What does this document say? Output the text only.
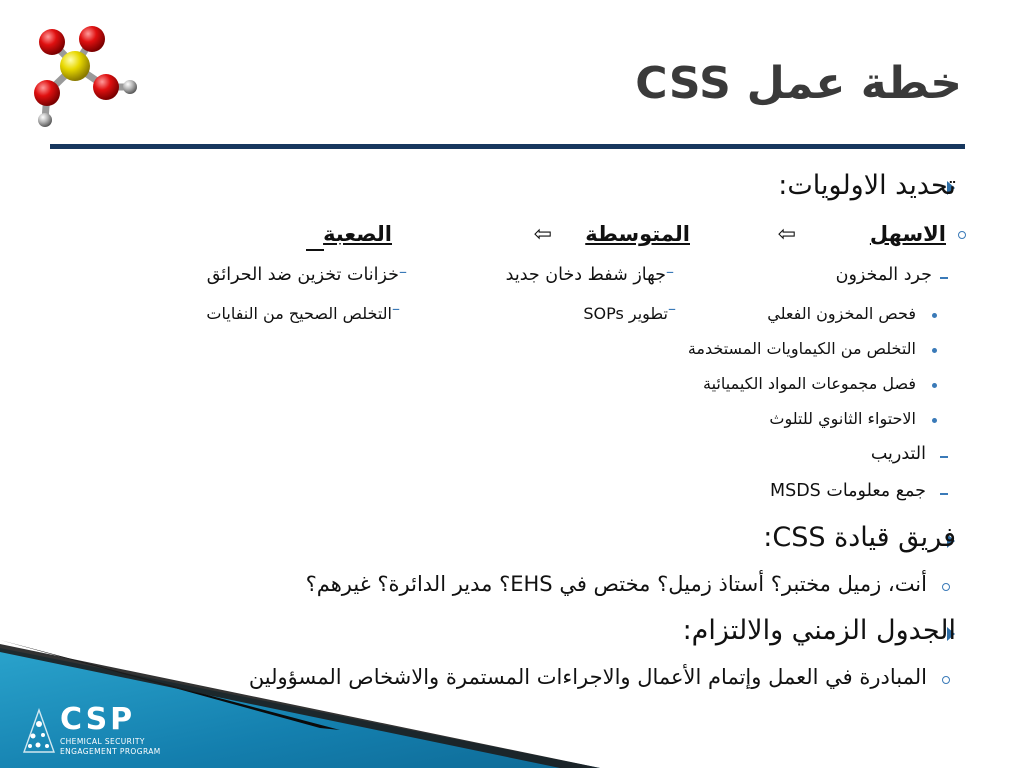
خطة عمل CSS
تحديد الاولويات:
الاسهل
⇦
المتوسطة
⇦
الصعبة
جرد المخزون
–
جهاز شفط دخان جديد
–
خزانات تخزين ضد الحرائق
فحص المخزون الفعلي
–
تطوير SOPs
–
التخلص الصحيح من النفايات
التخلص من الكيماويات المستخدمة
فصل مجموعات المواد الكيميائية
الاحتواء الثانوي للتلوث
التدريب
جمع معلومات MSDS
فريق قيادة CSS:
أنت، زميل مختبر؟ أستاذ زميل؟ مختص في EHS؟ مدير الدائرة؟ غيرهم؟
الجدول الزمني والالتزام:
المبادرة في العمل وإتمام الأعمال والاجراءات المستمرة والاشخاص المسؤولين
CSP
CHEMICAL SECURITY
ENGAGEMENT PROGRAM
